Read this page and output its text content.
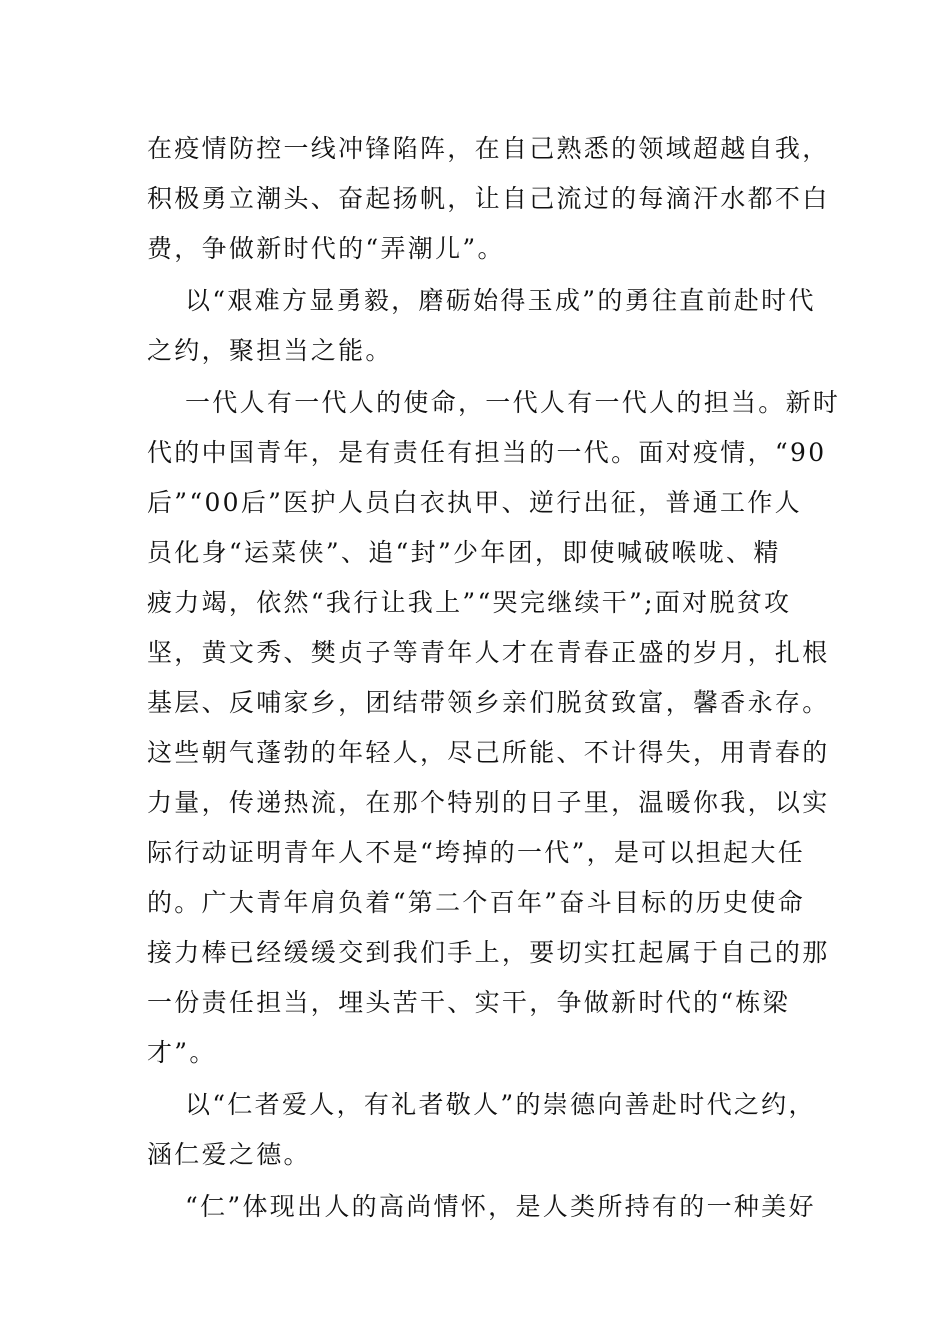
在疫情防控一线冲锋陷阵，在自己熟悉的领域超越自我，
积极勇立潮头、奋起扬帆，让自己流过的每滴汗水都不白
费，争做新时代的“弄潮儿”。
以“艰难方显勇毅，磨砺始得玉成”的勇往直前赴时代
之约，聚担当之能。
一代人有一代人的使命，一代人有一代人的担当。新时
代的中国青年，是有责任有担当的一代。面对疫情，“90
后”“00后”医护人员白衣执甲、逆行出征，普通工作人
员化身“运菜侠”、追“封”少年团，即使喊破喉咙、精
疲力竭，依然“我行让我上”“哭完继续干”;面对脱贫攻
坚，黄文秀、樊贞子等青年人才在青春正盛的岁月，扎根
基层、反哺家乡，团结带领乡亲们脱贫致富，馨香永存。
这些朝气蓬勃的年轻人，尽己所能、不计得失，用青春的
力量，传递热流，在那个特别的日子里，温暖你我，以实
际行动证明青年人不是“垮掉的一代”，是可以担起大任
的。广大青年肩负着“第二个百年”奋斗目标的历史使命
接力棒已经缓缓交到我们手上，要切实扛起属于自己的那
一份责任担当，埋头苦干、实干，争做新时代的“栋梁
才”。
以“仁者爱人，有礼者敬人”的崇德向善赴时代之约，
涵仁爱之德。
“仁”体现出人的高尚情怀，是人类所持有的一种美好
